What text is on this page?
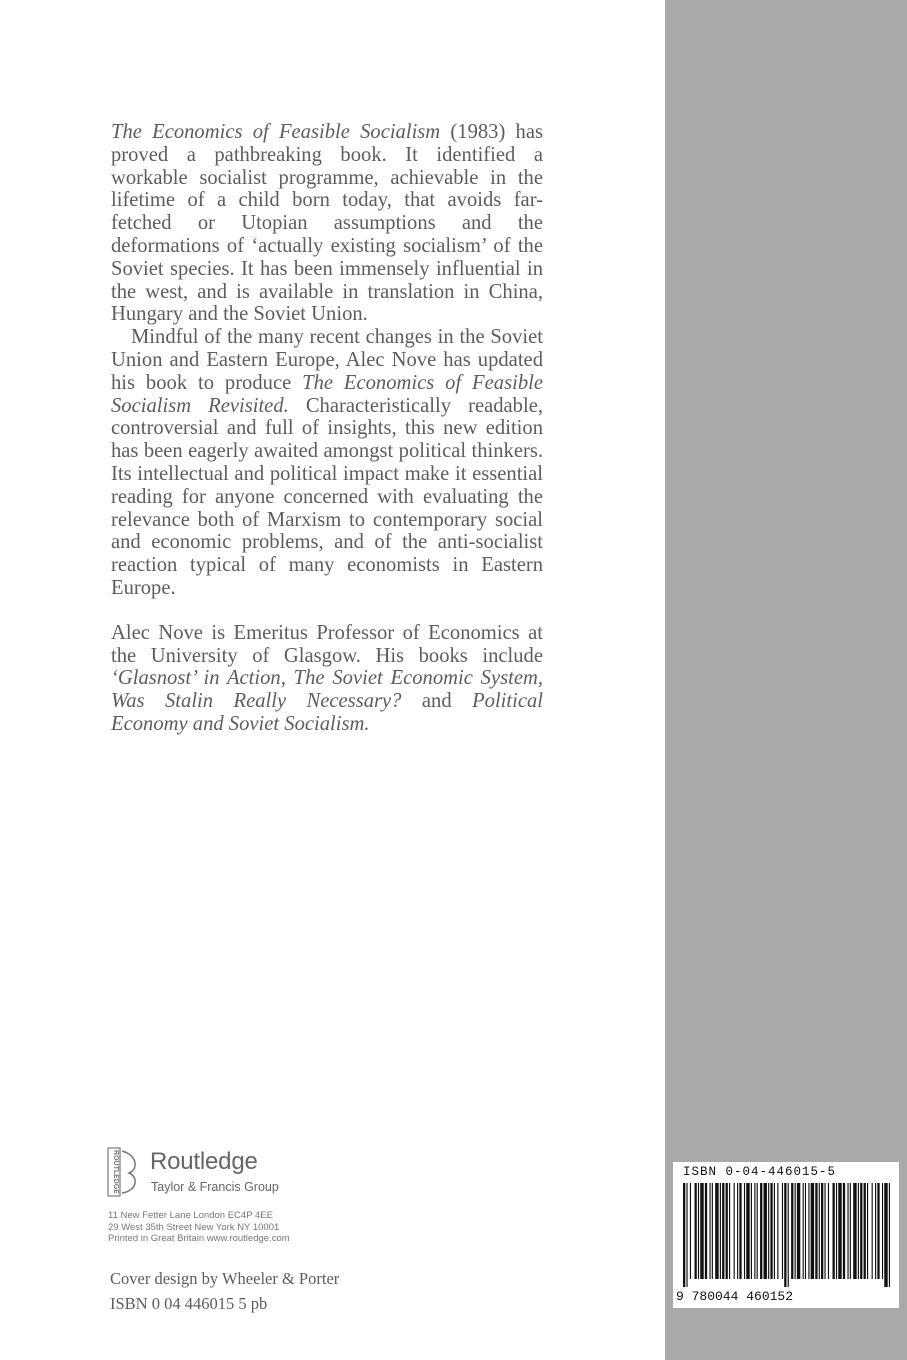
The Economics of Feasible Socialism (1983) has proved a pathbreaking book. It identified a workable socialist programme, achievable in the lifetime of a child born today, that avoids far-fetched or Utopian assumptions and the deformations of ‘actually existing socialism’ of the Soviet species. It has been immensely influential in the west, and is available in translation in China, Hungary and the Soviet Union.

Mindful of the many recent changes in the Soviet Union and Eastern Europe, Alec Nove has updated his book to produce The Economics of Feasible Socialism Revisited. Characteristically readable, controversial and full of insights, this new edition has been eagerly awaited amongst political thinkers. Its intellectual and political impact make it essential reading for anyone concerned with evaluating the relevance both of Marxism to contemporary social and economic problems, and of the anti-socialist reaction typical of many economists in Eastern Europe.

Alec Nove is Emeritus Professor of Economics at the University of Glasgow. His books include ‘Glasnost’ in Action, The Soviet Economic System, Was Stalin Really Necessary? and Political Economy and Soviet Socialism.

ROUTLEDGE Routledge
Taylor & Francis Group
11 New Fetter Lane London EC4P 4EE
29 West 35th Street New York NY 10001
Printed in Great Britain www.routledge.com
Cover design by Wheeler & Porter
ISBN 0 04 446015 5 pb
ISBN 0-04-446015-5
9 780044 460152
